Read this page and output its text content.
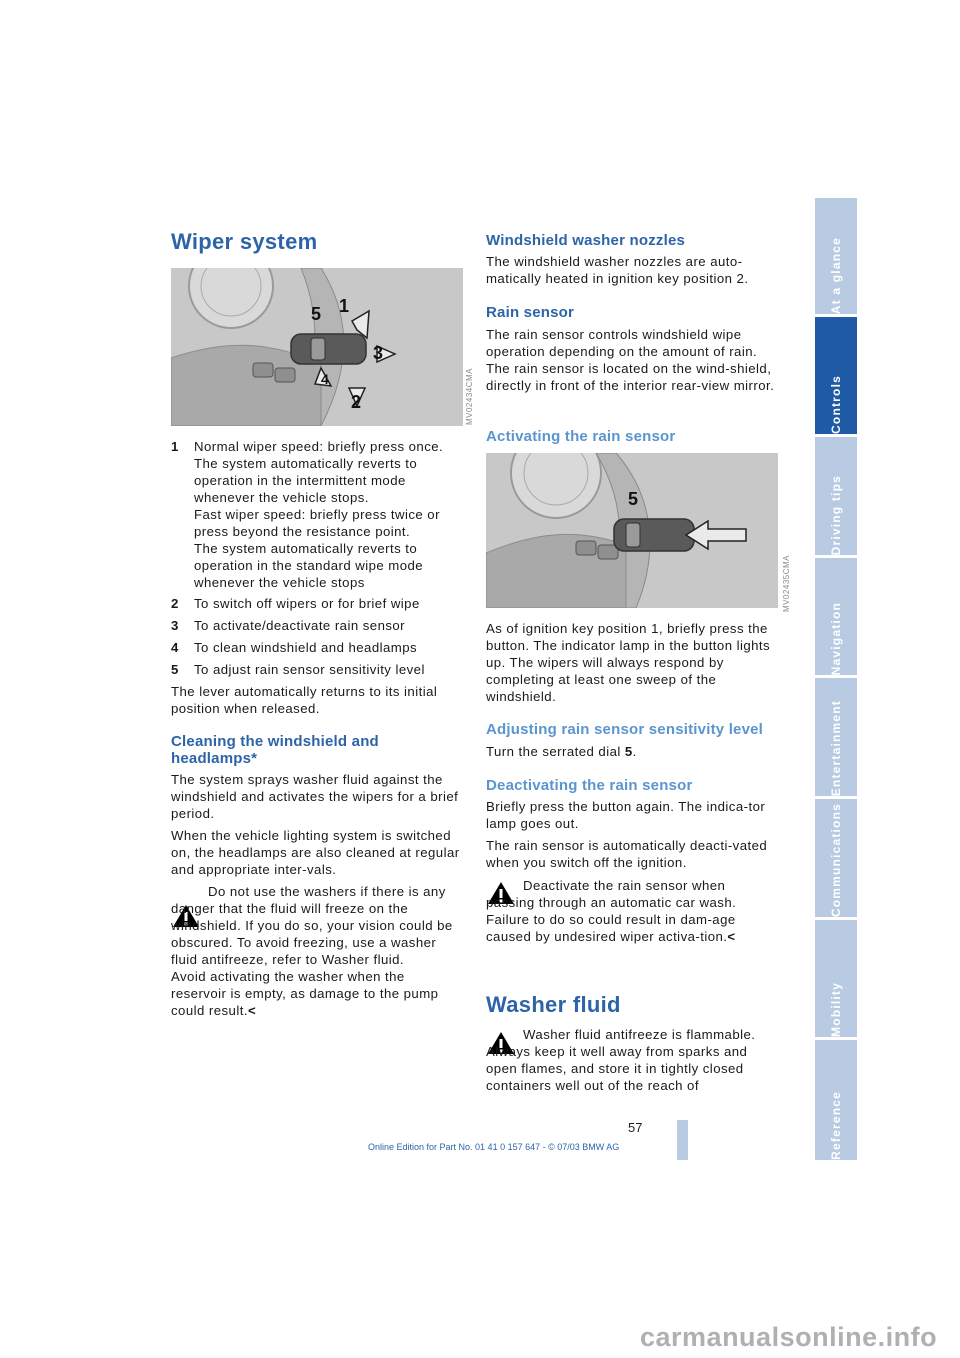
Wiper system
1
2
3
4
5
MV02434CMA
1 Normal wiper speed: briefly press once. The system automatically reverts to operation in the intermittent mode whenever the vehicle stops.
Fast wiper speed: briefly press twice or press beyond the resistance point.
The system automatically reverts to operation in the standard wipe mode whenever the vehicle stops
2 To switch off wipers or for brief wipe
3 To activate/deactivate rain sensor
4 To clean windshield and headlamps
5 To adjust rain sensor sensitivity level

The lever automatically returns to its initial position when released.

Cleaning the windshield and headlamps*

The system sprays washer fluid against the windshield and activates the wipers for a brief period.

When the vehicle lighting system is switched on, the headlamps are also cleaned at regular and appropriate inter-vals.

Do not use the washers if there is any danger that the fluid will freeze on the windshield. If you do so, your vision could be obscured. To avoid freezing, use a washer fluid antifreeze, refer to Washer fluid.
Avoid activating the washer when the reservoir is empty, as damage to the pump could result.<

Windshield washer nozzles

The windshield washer nozzles are auto-matically heated in ignition key position 2.

Rain sensor

The rain sensor controls windshield wipe operation depending on the amount of rain. The rain sensor is located on the wind-shield, directly in front of the interior rear-view mirror.

Activating the rain sensor
5
MV02435CMA

As of ignition key position 1, briefly press the button. The indicator lamp in the button lights up. The wipers will always respond by completing at least one sweep of the windshield.

Adjusting rain sensor sensitivity level

Turn the serrated dial 5.

Deactivating the rain sensor

Briefly press the button again. The indica-tor lamp goes out.

The rain sensor is automatically deacti-vated when you switch off the ignition.

Deactivate the rain sensor when passing through an automatic car wash. Failure to do so could result in dam-age caused by undesired wiper activa-tion.<

Washer fluid

Washer fluid antifreeze is flammable. Always keep it well away from sparks and open flames, and store it in tightly closed containers well out of the reach of

At a glance
Controls
Driving tips
Navigation
Entertainment
Communications
Mobility
Reference
57
Online Edition for Part No. 01 41 0 157 647 - © 07/03 BMW AG
carmanualsonline.info
